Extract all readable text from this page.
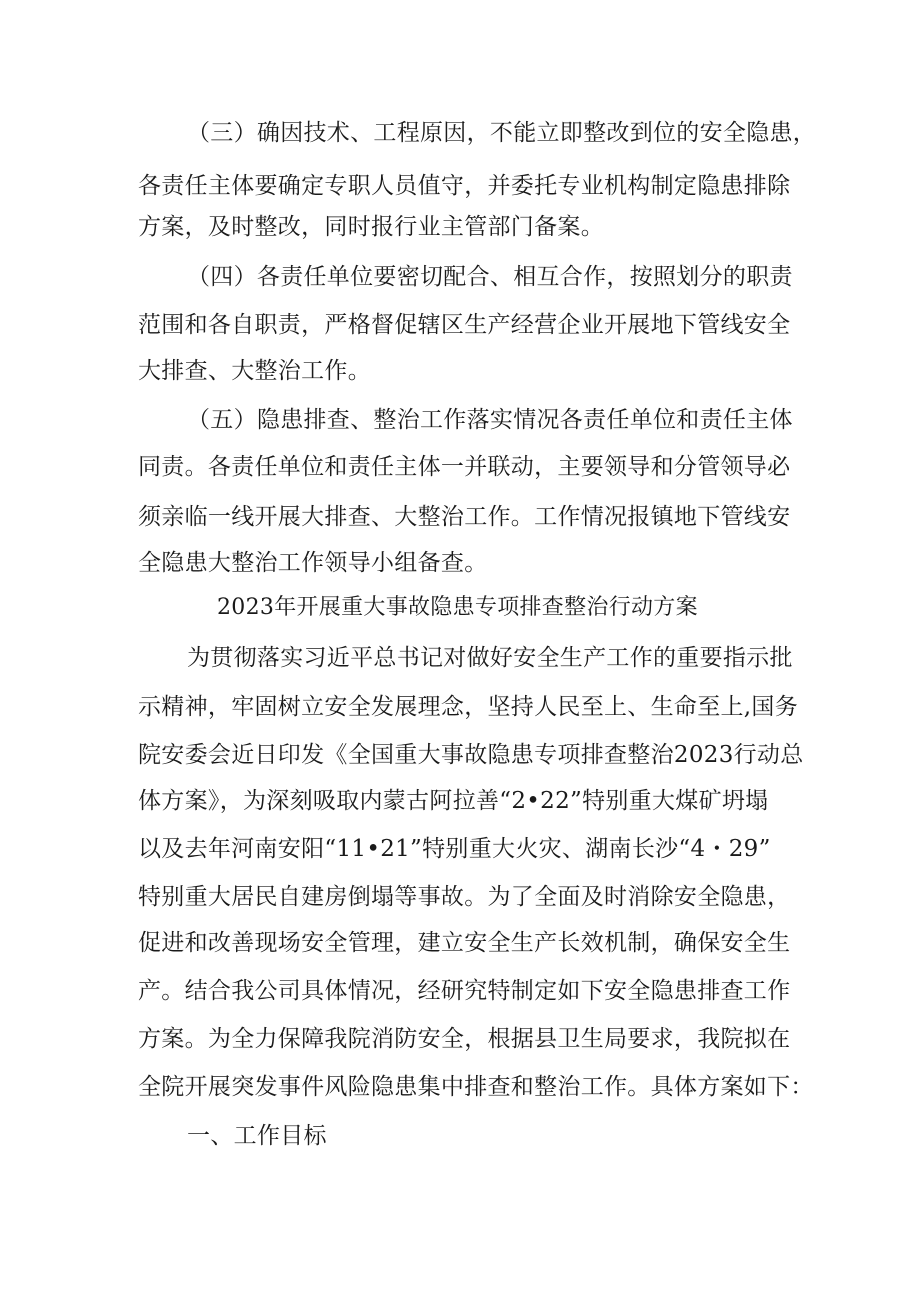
（三）确因技术、工程原因，不能立即整改到位的安全隐患，
各责任主体要确定专职人员值守，并委托专业机构制定隐患排除
方案，及时整改，同时报行业主管部门备案。
（四）各责任单位要密切配合、相互合作，按照划分的职责
范围和各自职责，严格督促辖区生产经营企业开展地下管线安全
大排查、大整治工作。
（五）隐患排查、整治工作落实情况各责任单位和责任主体
同责。各责任单位和责任主体一并联动，主要领导和分管领导必
须亲临一线开展大排查、大整治工作。工作情况报镇地下管线安
全隐患大整治工作领导小组备查。
2023年开展重大事故隐患专项排查整治行动方案
为贯彻落实习近平总书记对做好安全生产工作的重要指示批
示精神，牢固树立安全发展理念，坚持人民至上、生命至上,国务
院安委会近日印发《全国重大事故隐患专项排查整治2023行动总
体方案》，为深刻吸取内蒙古阿拉善“2•22”特别重大煤矿坍塌
以及去年河南安阳“11•21”特别重大火灾、湖南长沙“4・29”
特别重大居民自建房倒塌等事故。为了全面及时消除安全隐患，
促进和改善现场安全管理，建立安全生产长效机制，确保安全生
产。结合我公司具体情况，经研究特制定如下安全隐患排查工作
方案。为全力保障我院消防安全，根据县卫生局要求，我院拟在
全院开展突发事件风险隐患集中排查和整治工作。具体方案如下：
一、工作目标
